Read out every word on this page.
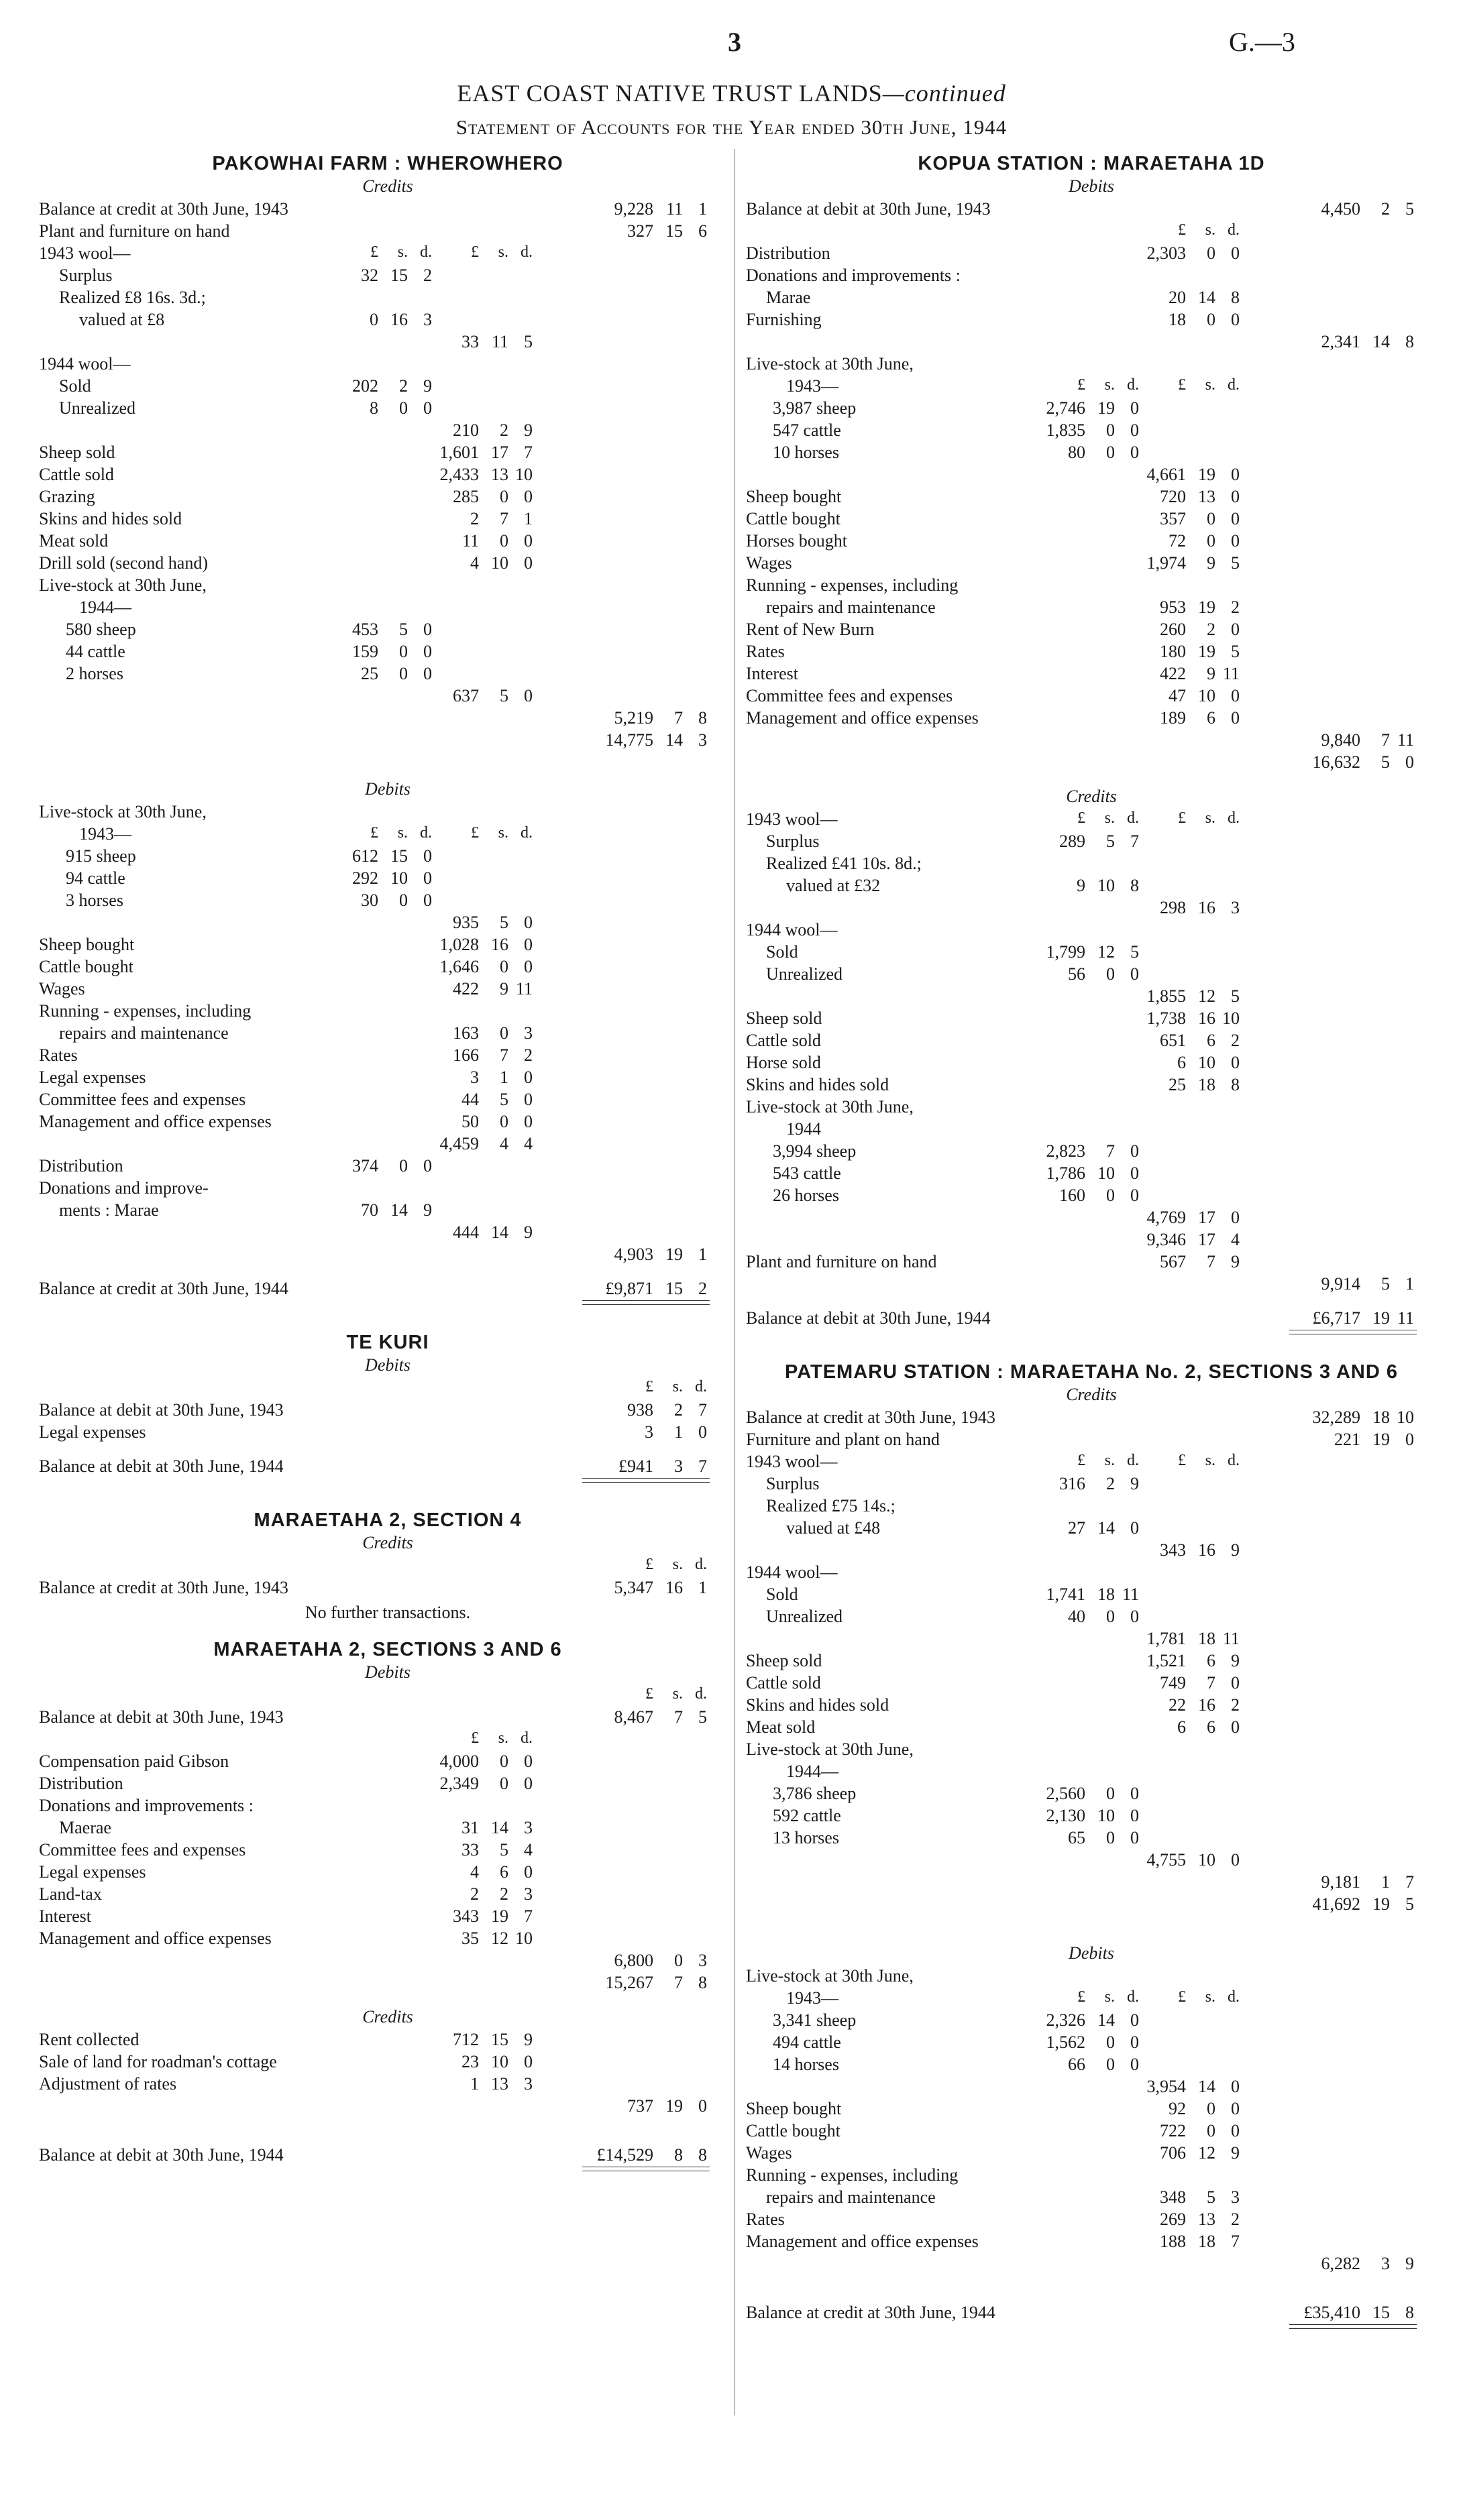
3	G.—3
EAST COAST NATIVE TRUST LANDS—continued
Statement of Accounts for the Year ended 30th June, 1944
PAKOWHAI FARM : WHEROWHERO
Credits
Balance at credit at 30th June, 1943	9,228 11 1
Plant and furniture on hand	327 15 6
1943 wool—	£	s. d.	£	s. d.
Surplus	32 15 2
Realized £8 16s. 3d.;
valued at £8	0 16 3
33 11 5
1944 wool—
Sold	202	2 9
Unrealized	8	0 0
210	2 9
Sheep sold	1,601 17 7
Cattle sold	2,433 13 10
Grazing	285	0 0
Skins and hides sold	2	7 1
Meat sold	11	0 0
Drill sold (second hand)	4 10 0
Live-stock at 30th June,
1944—
580 sheep	453	5 0
44 cattle	159	0 0
2 horses	25	0 0
637	5 0
5,219	7 8
14,775 14 3
Debits
Live-stock at 30th June,
1943—	£	s. d.	£	s. d.
915 sheep	612 15 0
94 cattle	292 10 0
3 horses	30	0 0
935	5 0
Sheep bought	1,028 16 0
Cattle bought	1,646	0 0
Wages	422	9 11
Running - expenses, including
repairs and maintenance	163	0 3
Rates	166	7 2
Legal expenses	3	1 0
Committee fees and expenses	44	5 0
Management and office expenses	50	0 0
4,459	4 4
Distribution	374	0 0
Donations and improve-
ments : Marae	70 14 9
444 14 9
4,903 19 1
Balance at credit at 30th June, 1944	£9,871 15 2
TE KURI
Debits
£	s. d.
Balance at debit at 30th June, 1943	938	2 7
Legal expenses	3	1 0
Balance at debit at 30th June, 1944	£941	3 7
MARAETAHA 2, SECTION 4
Credits
£	s. d.
Balance at credit at 30th June, 1943	5,347 16 1
No further transactions.
MARAETAHA 2, SECTIONS 3 AND 6
Debits
£	s. d.
Balance at debit at 30th June, 1943	8,467	7 5
£	s. d.
Compensation paid Gibson	4,000	0 0
Distribution	2,349	0 0
Donations and improvements :
Maerae	31 14 3
Committee fees and expenses	33	5 4
Legal expenses	4	6 0
Land-tax	2	2 3
Interest	343 19 7
Management and office expenses	35 12 10
6,800	0 3
15,267	7 8
Credits
Rent collected	712 15 9
Sale of land for roadman's cottage	23 10 0
Adjustment of rates	1 13 3
737 19 0
Balance at debit at 30th June, 1944	£14,529	8 8
KOPUA STATION : MARAETAHA 1D
Debits
Balance at debit at 30th June, 1943	4,450	2 5
£	s. d.
Distribution	2,303	0 0
Donations and improvements :
Marae	20 14 8
Furnishing	18	0 0
2,341 14 8
Live-stock at 30th June,
1943—	£	s. d.	£	s. d.
3,987 sheep	2,746 19 0
547 cattle	1,835	0 0
10 horses	80	0 0
4,661 19 0
Sheep bought	720 13 0
Cattle bought	357	0 0
Horses bought	72	0 0
Wages	1,974	9 5
Running - expenses, including
repairs and maintenance	953 19 2
Rent of New Burn	260	2 0
Rates	180 19 5
Interest	422	9 11
Committee fees and expenses	47 10 0
Management and office expenses	189	6 0
9,840	7 11
16,632	5 0
Credits
1943 wool—	£	s. d.	£	s. d.
Surplus	289	5 7
Realized £41 10s. 8d.;
valued at £32	9 10 8
298 16 3
1944 wool—
Sold	1,799 12 5
Unrealized	56	0 0
1,855 12 5
Sheep sold	1,738 16 10
Cattle sold	651	6 2
Horse sold	6 10 0
Skins and hides sold	25 18 8
Live-stock at 30th June,
1944
3,994 sheep	2,823	7 0
543 cattle	1,786 10 0
26 horses	160	0 0
4,769 17 0
9,346 17 4
Plant and furniture on hand	567	7 9
9,914	5 1
Balance at debit at 30th June, 1944	£6,717 19 11
PATEMARU STATION : MARAETAHA No. 2, SECTIONS 3 AND 6
Credits
Balance at credit at 30th June, 1943	32,289 18 10
Furniture and plant on hand	221 19 0
1943 wool—	£	s. d.	£	s. d.
Surplus	316	2 9
Realized £75 14s.;
valued at £48	27 14 0
343 16 9
1944 wool—
Sold	1,741 18 11
Unrealized	40	0 0
1,781 18 11
Sheep sold	1,521	6 9
Cattle sold	749	7 0
Skins and hides sold	22 16 2
Meat sold	6	6 0
Live-stock at 30th June,
1944—
3,786 sheep	2,560	0 0
592 cattle	2,130 10 0
13 horses	65	0 0
4,755 10 0
9,181	1 7
41,692 19 5
Debits
Live-stock at 30th June,
1943—	£	s. d.	£	s. d.
3,341 sheep	2,326 14 0
494 cattle	1,562	0 0
14 horses	66	0 0
3,954 14 0
Sheep bought	92	0 0
Cattle bought	722	0 0
Wages	706 12 9
Running - expenses, including
repairs and maintenance	348	5 3
Rates	269 13 2
Management and office expenses	188 18 7
6,282	3 9
Balance at credit at 30th June, 1944	£35,410 15 8
